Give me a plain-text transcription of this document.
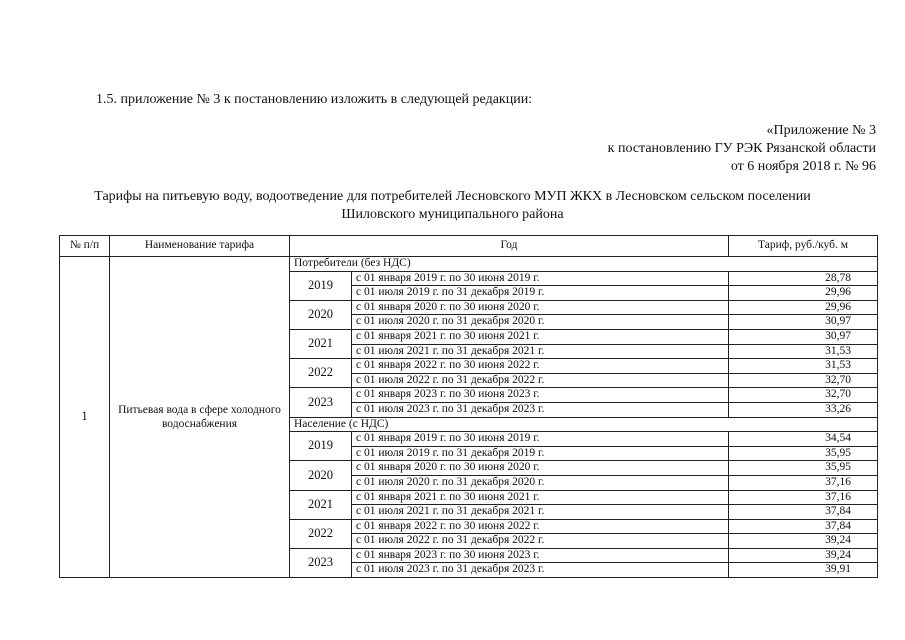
1.5. приложение № 3 к постановлению изложить в следующей редакции:
«Приложение № 3
к постановлению ГУ РЭК Рязанской области
от 6 ноября 2018 г. № 96
Тарифы на питьевую воду, водоотведение для потребителей Лесновского МУП ЖКХ в Лесновском сельском поселении
Шиловского муниципального района
№ п/п	Наименование тарифа	Год		Тариф, руб./куб. м
1	Питьевая вода в сфере холодного водоснабжения	Потребители (без НДС)		
		2019	с 01 января 2019 г. по 30 июня 2019 г.	28,78
			с 01 июля 2019 г. по 31 декабря 2019 г.	29,96
		2020	с 01 января 2020 г. по 30 июня 2020 г.	29,96
			с 01 июля 2020 г. по 31 декабря 2020 г.	30,97
		2021	с 01 января 2021 г. по 30 июня 2021 г.	30,97
			с 01 июля 2021 г. по 31 декабря 2021 г.	31,53
		2022	с 01 января 2022 г. по 30 июня 2022 г.	31,53
			с 01 июля 2022 г. по 31 декабря 2022 г.	32,70
		2023	с 01 января 2023 г. по 30 июня 2023 г.	32,70
			с 01 июля 2023 г. по 31 декабря 2023 г.	33,26
		Население (с НДС)		
		2019	с 01 января 2019 г. по 30 июня 2019 г.	34,54
			с 01 июля 2019 г. по 31 декабря 2019 г.	35,95
		2020	с 01 января 2020 г. по 30 июня 2020 г.	35,95
			с 01 июля 2020 г. по 31 декабря 2020 г.	37,16
		2021	с 01 января 2021 г. по 30 июня 2021 г.	37,16
			с 01 июля 2021 г. по 31 декабря 2021 г.	37,84
		2022	с 01 января 2022 г. по 30 июня 2022 г.	37,84
			с 01 июля 2022 г. по 31 декабря 2022 г.	39,24
		2023	с 01 января 2023 г. по 30 июня 2023 г.	39,24
			с 01 июля 2023 г. по 31 декабря 2023 г.	39,91
